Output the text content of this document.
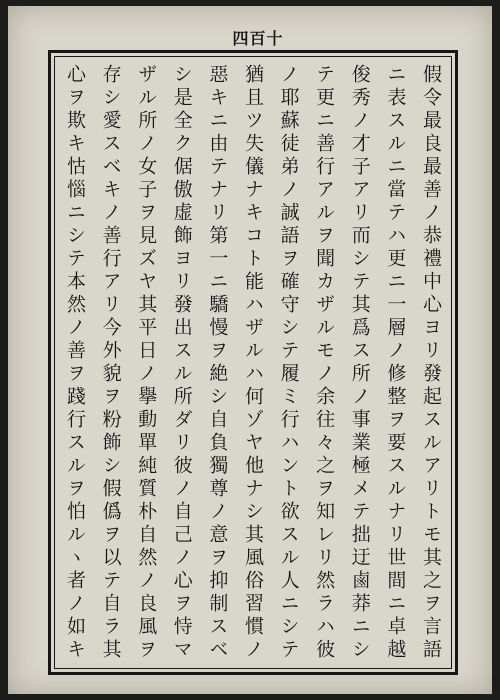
四百十
假令最良最善ノ恭禮中心ヨリ發起スルアリトモ其之ヲ言語
ニ表スルニ當テハ更ニ一層ノ修整ヲ要スルナリ世間ニ卓越
俊秀ノ才子アリ而シテ其爲ス所ノ事業極メテ拙迂鹵莽ニシ
テ更ニ善行アルヲ聞カザルモノ余往々之ヲ知レリ然ラハ彼
ノ耶蘇徒弟ノ誠語ヲ確守シテ履ミ行ハント欲スル人ニシテ
猶且ツ失儀ナキコト能ハザルハ何ゾヤ他ナシ其風俗習慣ノ
惡キニ由テナリ第一ニ驕慢ヲ絶シ自負獨尊ノ意ヲ抑制スベ
シ是全ク倨傲虚飾ヨリ發出スル所ダリ彼ノ自己ノ心ヲ恃マ
ザル所ノ女子ヲ見ズヤ其平日ノ擧動單純質朴自然ノ良風ヲ
存シ愛スベキノ善行アリ今外貌ヲ粉飾シ假僞ヲ以テ自ラ其
心ヲ欺キ怙惱ニシテ本然ノ善ヲ踐行スルヲ怕ルヽ者ノ如キ
